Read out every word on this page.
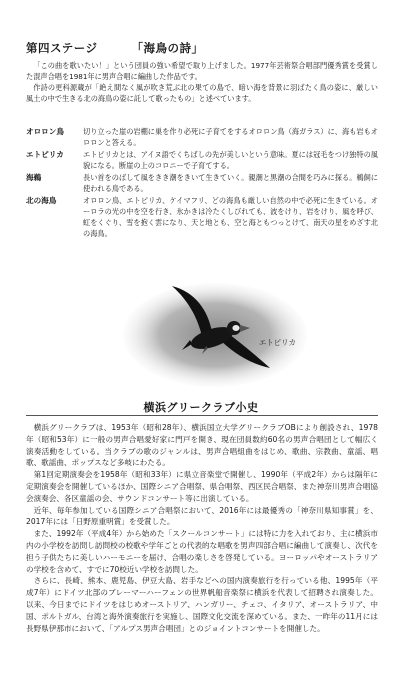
第四ステージ	「海鳥の詩」

「この曲を歌いたい！」という団員の強い希望で取り上げました。1977年芸術祭合唱部門優秀賞を受賞した混声合唱を1981年に男声合唱に編曲した作品です。

作詩の更科源蔵が「絶え間なく風が吹き荒ぶ北の果ての島で、暗い海を背景に羽ばたく鳥の姿に、厳しい風土の中で生きる北の海鳥の姿に託して歌ったもの」と述べています。

オロロン鳥	切り立った崖の岩棚に巣を作り必死に子育てをするオロロン鳥（海ガラス）に、海も岩もオロロンと答える。
エトピリカ	エトピリカとは、アイヌ語でくちばしの先が美しいという意味。夏には冠毛をつけ独特の風貌になる。断崖の上のコロニーで子育てする。
海鵜	長い首をのばして風をきき潮をきいて生きていく。親潮と黒潮の合間を巧みに探る。鵜飼に使われる鳥である。
北の海鳥	オロロン鳥、エトピリカ、ケイマフリ、どの海鳥も厳しい自然の中で必死に生きている。オーロラの光の中を空を行き、氷かきは冷たくしびれても、波をけり、岩をけり、風を呼び、虹をくぐり、雪を抱く雲になり、天と地とも、空と海ともつっとけて、南天の星をめざす北の海鳥。
エトピリカ
横浜グリークラブ小史

横浜グリークラブは、1953年（昭和28年）、横浜国立大学グリークラブOBにより創設され、1978年（昭和53年）に一般の男声合唱愛好家に門戸を開き、現在団員数約60名の男声合唱団として幅広く演奏活動をしている。当クラブの歌のジャンルは、男声合唱組曲をはじめ、歌曲、宗教曲、童謡、唱歌、歌謡曲、ポップスなど多岐にわたる。

第1回定期演奏会を1958年（昭和33年）に県立音楽堂で開催し、1990年（平成2年）からは隔年に定期演奏会を開催しているほか、国際シニア合唱祭、県合唱祭、西区民合唱祭、また神奈川男声合唱協会演奏会、各区童謡の会、サウンドコンサート等に出演している。

近年、毎年参加している国際シニア合唱祭において、2016年には最優秀の「神奈川県知事賞」を、2017年には「日野原重明賞」を受賞した。

また、1992年（平成4年）から始めた「スクールコンサート」には特に力を入れており、主に横浜市内の小学校を訪問し訪問校の校歌や学年ごとの代表的な唱歌を男声四部合唱に編曲して演奏し、次代を担う子供たちに美しいハーモニーを届け、合唱の楽しさを啓発している。ヨーロッパやオーストラリアの学校を含めて、すでに70校近い学校を訪問した。

さらに、長崎、熊本、鹿児島、伊豆大島、岩手などへの国内演奏旅行を行っている他、1995年（平成7年）にドイツ北部のブレーマーハーフェンの世界帆船音楽祭に横浜を代表して招聘され演奏した。以来、今日までにドイツをはじめオーストリア、ハンガリー、チェコ、イタリア、オーストラリア、中国、ポルトガル、台湾と海外演奏旅行を実施し、国際文化交流を深めている。また、一昨年の11月には長野県伊那市において、「アルプス男声合唱団」とのジョイントコンサートを開催した。
